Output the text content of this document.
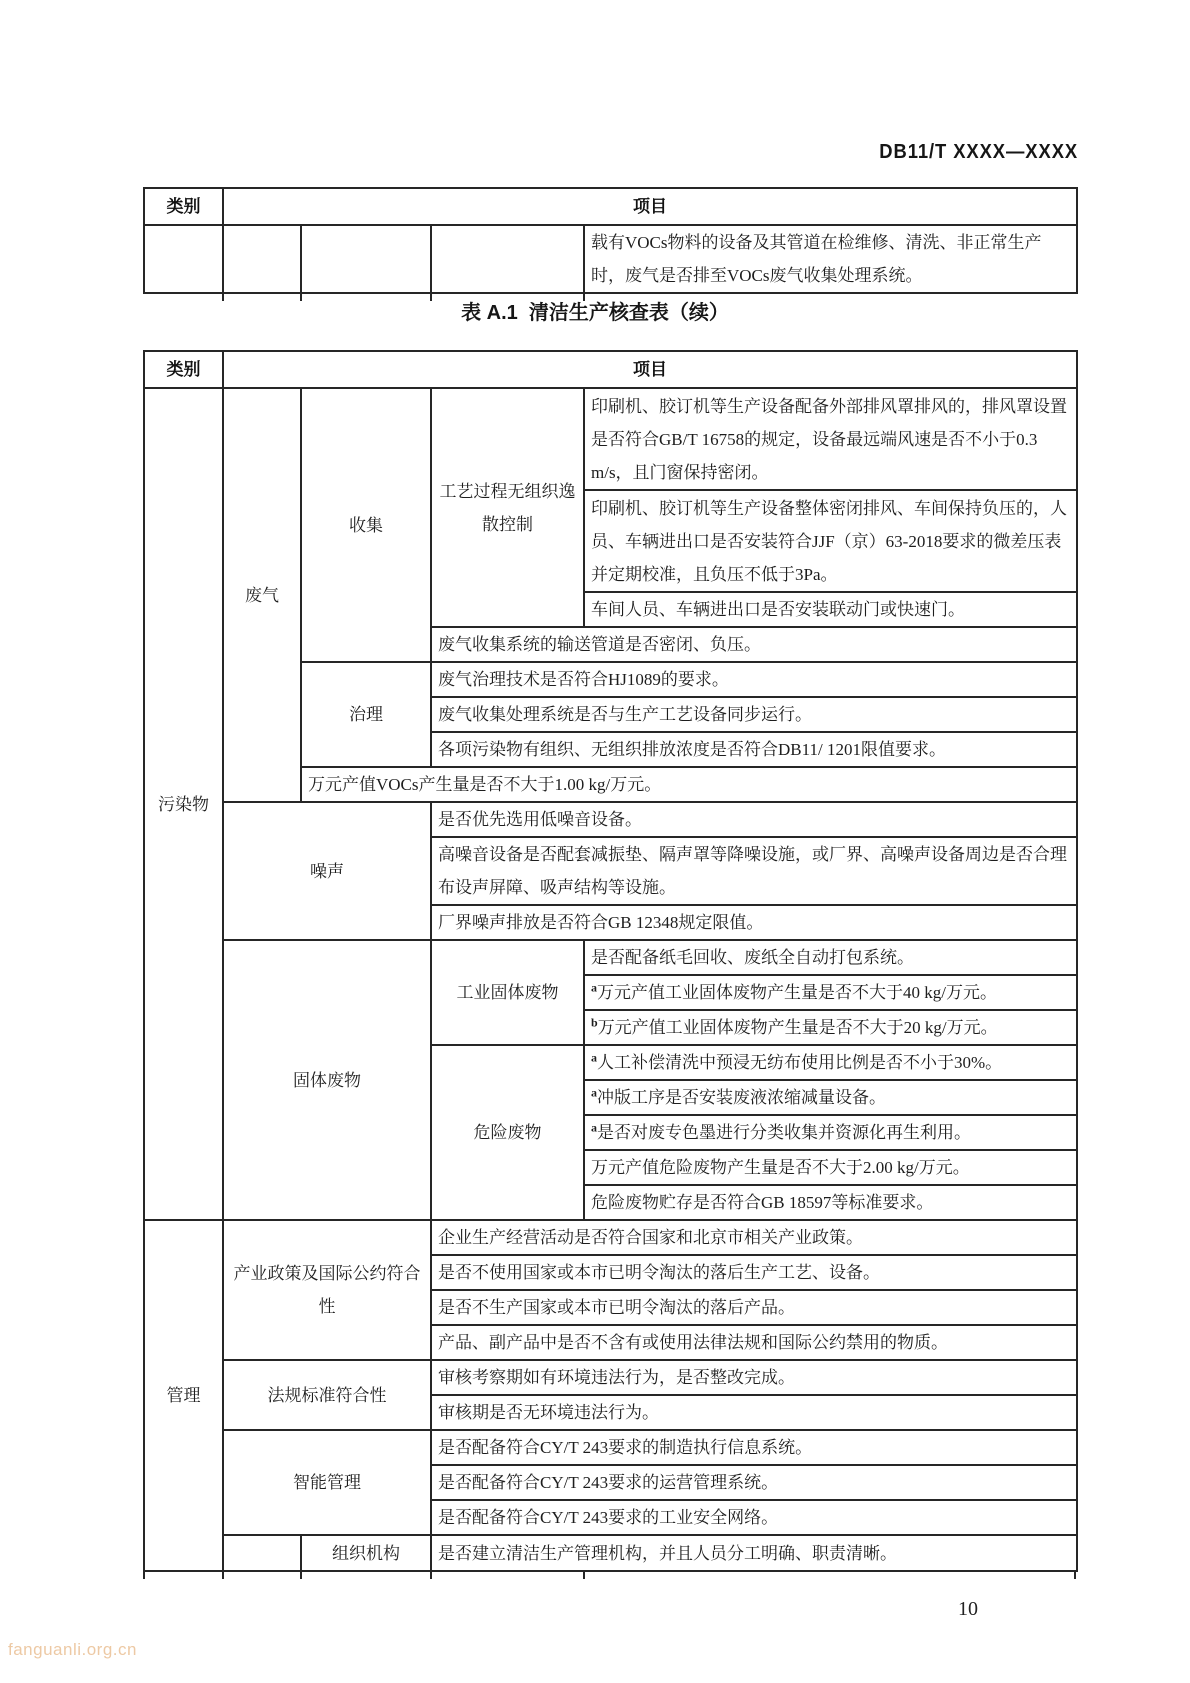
DB11/T XXXX—XXXX
类别	项目			
				载有VOCs物料的设备及其管道在检维修、清洗、非正常生产时，废气是否排至VOCs废气收集处理系统。
表 A.1  清洁生产核查表（续）
类别	项目			
污染物	废气	收集	工艺过程无组织逸散控制	印刷机、胶订机等生产设备配备外部排风罩排风的，排风罩设置是否符合GB/T 16758的规定，设备最远端风速是否不小于0.3 m/s，且门窗保持密闭。
				印刷机、胶订机等生产设备整体密闭排风、车间保持负压的，人员、车辆进出口是否安装符合JJF（京）63-2018要求的微差压表并定期校准，且负压不低于3Pa。
				车间人员、车辆进出口是否安装联动门或快速门。
			废气收集系统的输送管道是否密闭、负压。	
		治理	废气治理技术是否符合HJ1089的要求。	
			废气收集处理系统是否与生产工艺设备同步运行。	
			各项污染物有组织、无组织排放浓度是否符合DB11/ 1201限值要求。	
		万元产值VOCs产生量是否不大于1.00 kg/万元。		
	噪声		是否优先选用低噪音设备。	
			高噪音设备是否配套减振垫、隔声罩等降噪设施，或厂界、高噪声设备周边是否合理布设声屏障、吸声结构等设施。	
			厂界噪声排放是否符合GB 12348规定限值。	
	固体废物		工业固体废物	是否配备纸毛回收、废纸全自动打包系统。
				$^a$万元产值工业固体废物产生量是否不大于40 kg/万元。
				$^b$万元产值工业固体废物产生量是否不大于20 kg/万元。
			危险废物	$^a$人工补偿清洗中预浸无纺布使用比例是否不小于30%。
				$^a$冲版工序是否安装废液浓缩减量设备。
				$^a$是否对废专色墨进行分类收集并资源化再生利用。
				万元产值危险废物产生量是否不大于2.00 kg/万元。
				危险废物贮存是否符合GB 18597等标准要求。
管理	产业政策及国际公约符合性		企业生产经营活动是否符合国家和北京市相关产业政策。	
			是否不使用国家或本市已明令淘汰的落后生产工艺、设备。	
			是否不生产国家或本市已明令淘汰的落后产品。	
			产品、副产品中是否不含有或使用法律法规和国际公约禁用的物质。	
	法规标准符合性		审核考察期如有环境违法行为，是否整改完成。	
			审核期是否无环境违法行为。	
	智能管理		是否配备符合CY/T 243要求的制造执行信息系统。	
			是否配备符合CY/T 243要求的运营管理系统。	
			是否配备符合CY/T 243要求的工业安全网络。	
		组织机构	是否建立清洁生产管理机构，并且人员分工明确、职责清晰。	
10
fanguanli.org.cn
